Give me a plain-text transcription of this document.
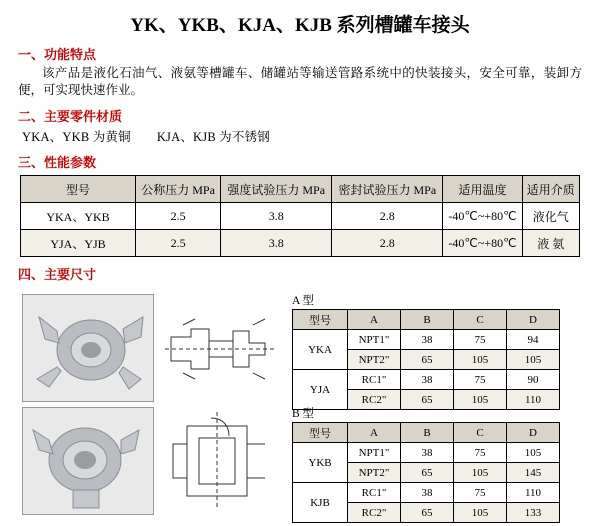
YK、YKB、KJA、KJB 系列槽罐车接头
一、功能特点
该产品是液化石油气、液氨等槽罐车、储罐站等输送管路系统中的快装接头，安全可靠，装卸方便，可实现快速作业。
二、主要零件材质
YKA、YKB 为黄铜 KJA、KJB 为不锈钢
三、性能参数
型号	公称压力 MPa	强度试验压力 MPa	密封试验压力 MPa	适用温度	适用介质
YKA、YKB	2.5	3.8	2.8	-40℃~+80℃	液化气
YJA、YJB	2.5	3.8	2.8	-40℃~+80℃	液 氨
四、主要尺寸
A 型
型号	A	B	C	D
YKA	NPT1"	38	75	94
	NPT2"	65	105	105
YJA	RC1"	38	75	90
	RC2"	65	105	110
B 型
型号	A	B	C	D
YKB	NPT1"	38	75	105
	NPT2"	65	105	145
KJB	RC1"	38	75	110
	RC2"	65	105	133
